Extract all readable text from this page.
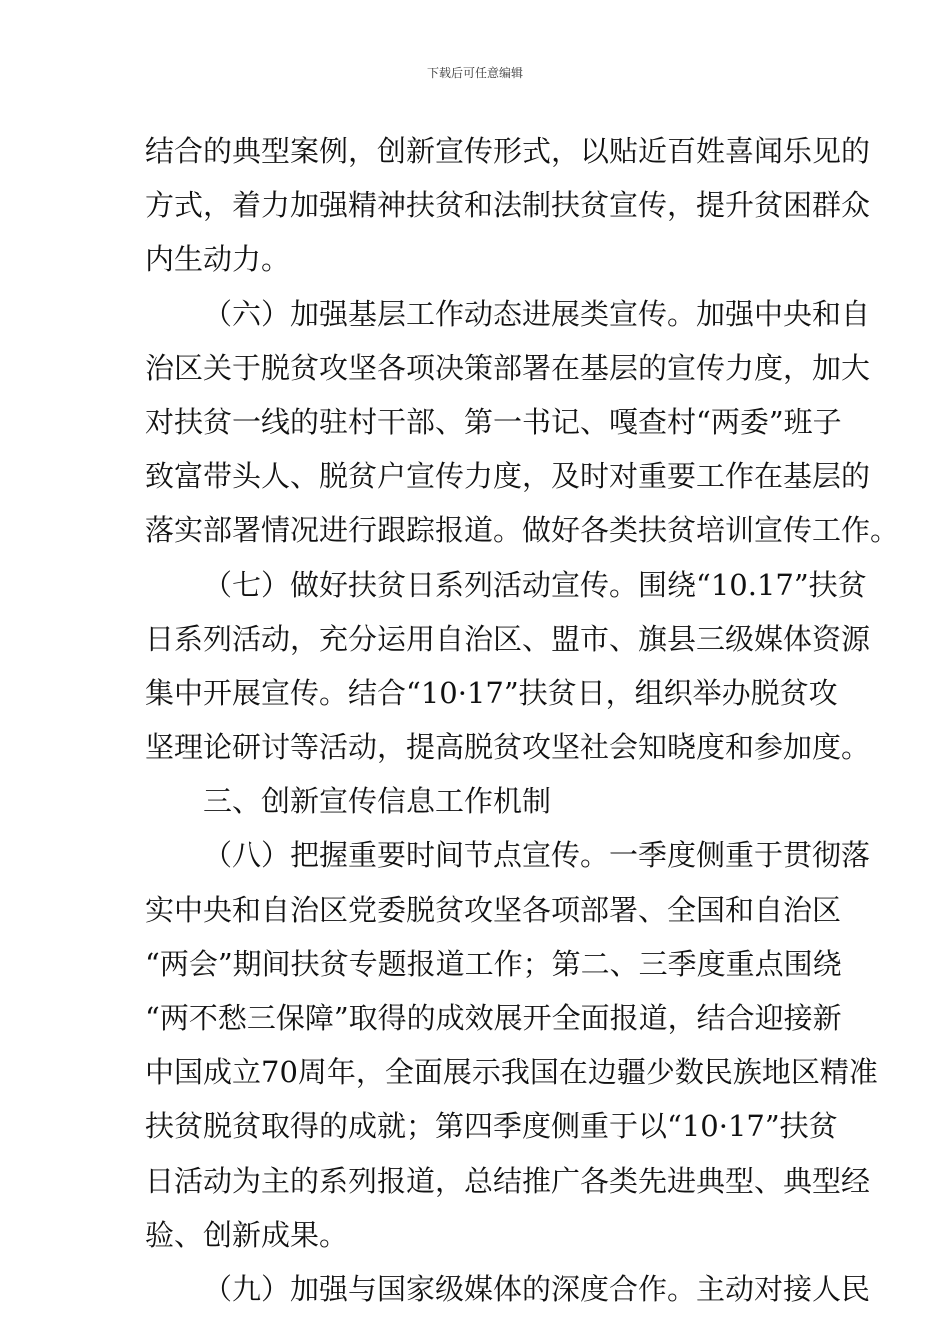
下载后可任意编辑
结合的典型案例，创新宣传形式，以贴近百姓喜闻乐见的
方式，着力加强精神扶贫和法制扶贫宣传，提升贫困群众
内生动力。
（六）加强基层工作动态进展类宣传。加强中央和自
治区关于脱贫攻坚各项决策部署在基层的宣传力度，加大
对扶贫一线的驻村干部、第一书记、嘎查村“两委”班子
致富带头人、脱贫户宣传力度，及时对重要工作在基层的
落实部署情况进行跟踪报道。做好各类扶贫培训宣传工作。
（七）做好扶贫日系列活动宣传。围绕“10.17”扶贫
日系列活动，充分运用自治区、盟市、旗县三级媒体资源
集中开展宣传。结合“10·17”扶贫日，组织举办脱贫攻
坚理论研讨等活动，提高脱贫攻坚社会知晓度和参加度。
三、创新宣传信息工作机制
（八）把握重要时间节点宣传。一季度侧重于贯彻落
实中央和自治区党委脱贫攻坚各项部署、全国和自治区
“两会”期间扶贫专题报道工作；第二、三季度重点围绕
“两不愁三保障”取得的成效展开全面报道，结合迎接新
中国成立70周年，全面展示我国在边疆少数民族地区精准
扶贫脱贫取得的成就；第四季度侧重于以“10·17”扶贫
日活动为主的系列报道，总结推广各类先进典型、典型经
验、创新成果。
（九）加强与国家级媒体的深度合作。主动对接人民
